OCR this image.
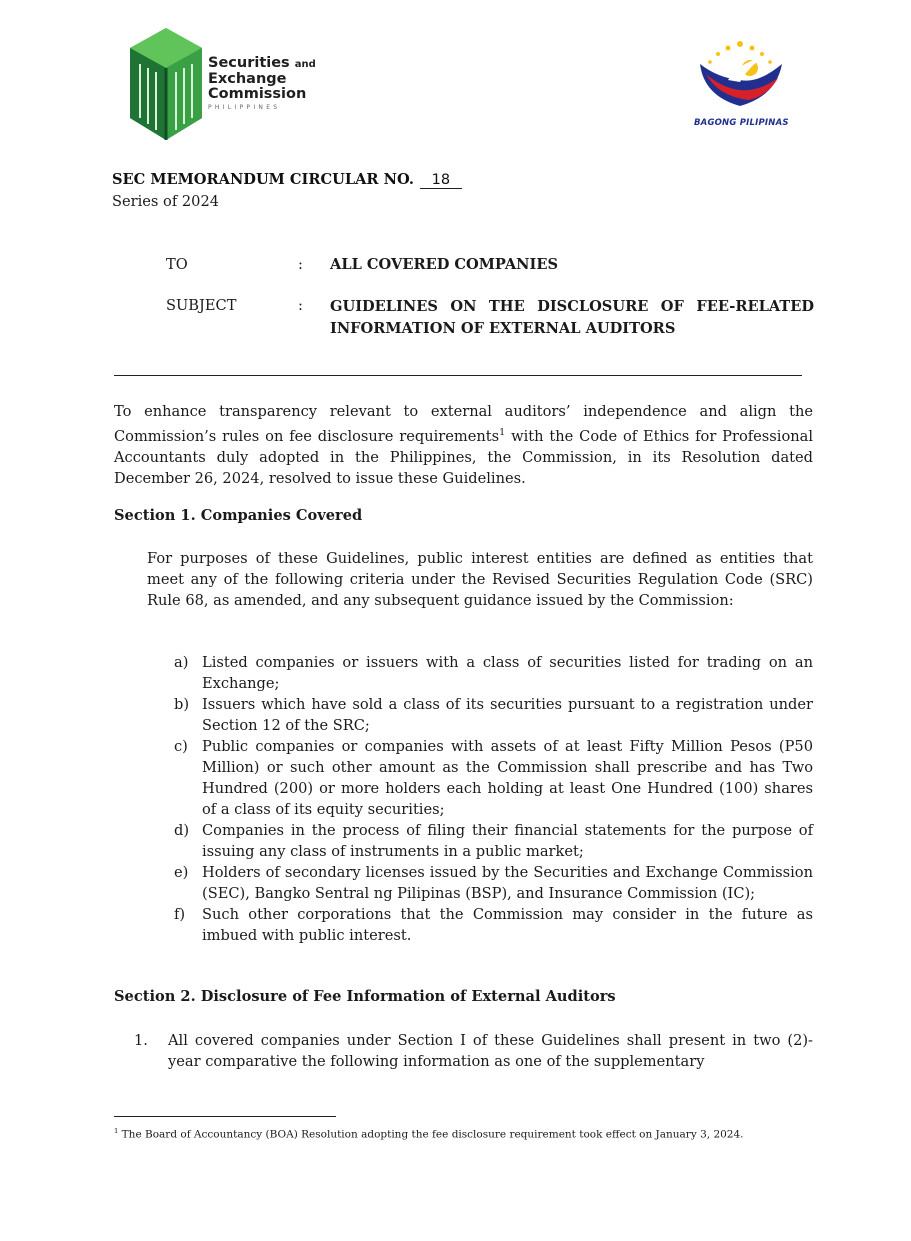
Securities and
Exchange
Commission
PHILIPPINES
BAGONG PILIPINAS
SEC MEMORANDUM CIRCULAR NO. 18
Series of 2024
TO	: ALL COVERED COMPANIES
SUBJECT	: GUIDELINES ON THE DISCLOSURE OF FEE-RELATED INFORMATION OF EXTERNAL AUDITORS
To enhance transparency relevant to external auditors’ independence and align the Commission’s rules on fee disclosure requirements$^1$ with the Code of Ethics for Professional Accountants duly adopted in the Philippines, the Commission, in its Resolution dated December 26, 2024, resolved to issue these Guidelines.
Section 1. Companies Covered
For purposes of these Guidelines, public interest entities are defined as entities that meet any of the following criteria under the Revised Securities Regulation Code (SRC) Rule 68, as amended, and any subsequent guidance issued by the Commission:
a) Listed companies or issuers with a class of securities listed for trading on an Exchange;
b) Issuers which have sold a class of its securities pursuant to a registration under Section 12 of the SRC;
c) Public companies or companies with assets of at least Fifty Million Pesos (P50 Million) or such other amount as the Commission shall prescribe and has Two Hundred (200) or more holders each holding at least One Hundred (100) shares of a class of its equity securities;
d) Companies in the process of filing their financial statements for the purpose of issuing any class of instruments in a public market;
e) Holders of secondary licenses issued by the Securities and Exchange Commission (SEC), Bangko Sentral ng Pilipinas (BSP), and Insurance Commission (IC);
f) Such other corporations that the Commission may consider in the future as imbued with public interest.
Section 2. Disclosure of Fee Information of External Auditors
1. All covered companies under Section I of these Guidelines shall present in two (2)-year comparative the following information as one of the supplementary
$^1$ The Board of Accountancy (BOA) Resolution adopting the fee disclosure requirement took effect on January 3, 2024.
